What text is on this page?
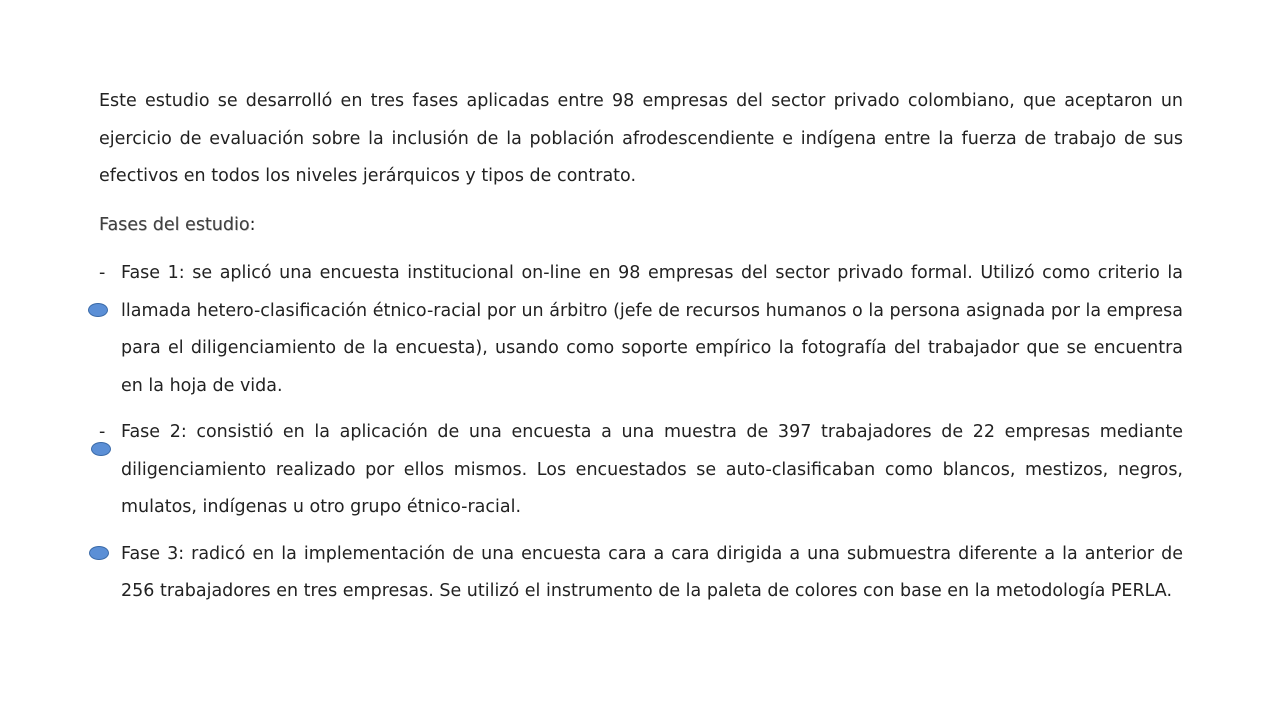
Este estudio se desarrolló en tres fases aplicadas entre 98 empresas del sector privado colombiano, que aceptaron un ejercicio de evaluación sobre la inclusión de la población afrodescendiente e indígena entre la fuerza de trabajo de sus efectivos en todos los niveles jerárquicos y tipos de contrato.

Fases del estudio:
- Fase 1: se aplicó una encuesta institucional on-line en 98 empresas del sector privado formal. Utilizó como criterio la llamada hetero-clasificación étnico-racial por un árbitro (jefe de recursos humanos o la persona asignada por la empresa para el diligenciamiento de la encuesta), usando como soporte empírico la fotografía del trabajador que se encuentra en la hoja de vida.
- Fase 2: consistió en la aplicación de una encuesta a una muestra de 397 trabajadores de 22 empresas mediante diligenciamiento realizado por ellos mismos. Los encuestados se auto-clasificaban como blancos, mestizos, negros, mulatos, indígenas u otro grupo étnico-racial.
Fase 3: radicó en la implementación de una encuesta cara a cara dirigida a una submuestra diferente a la anterior de 256 trabajadores en tres empresas. Se utilizó el instrumento de la paleta de colores con base en la metodología PERLA.
